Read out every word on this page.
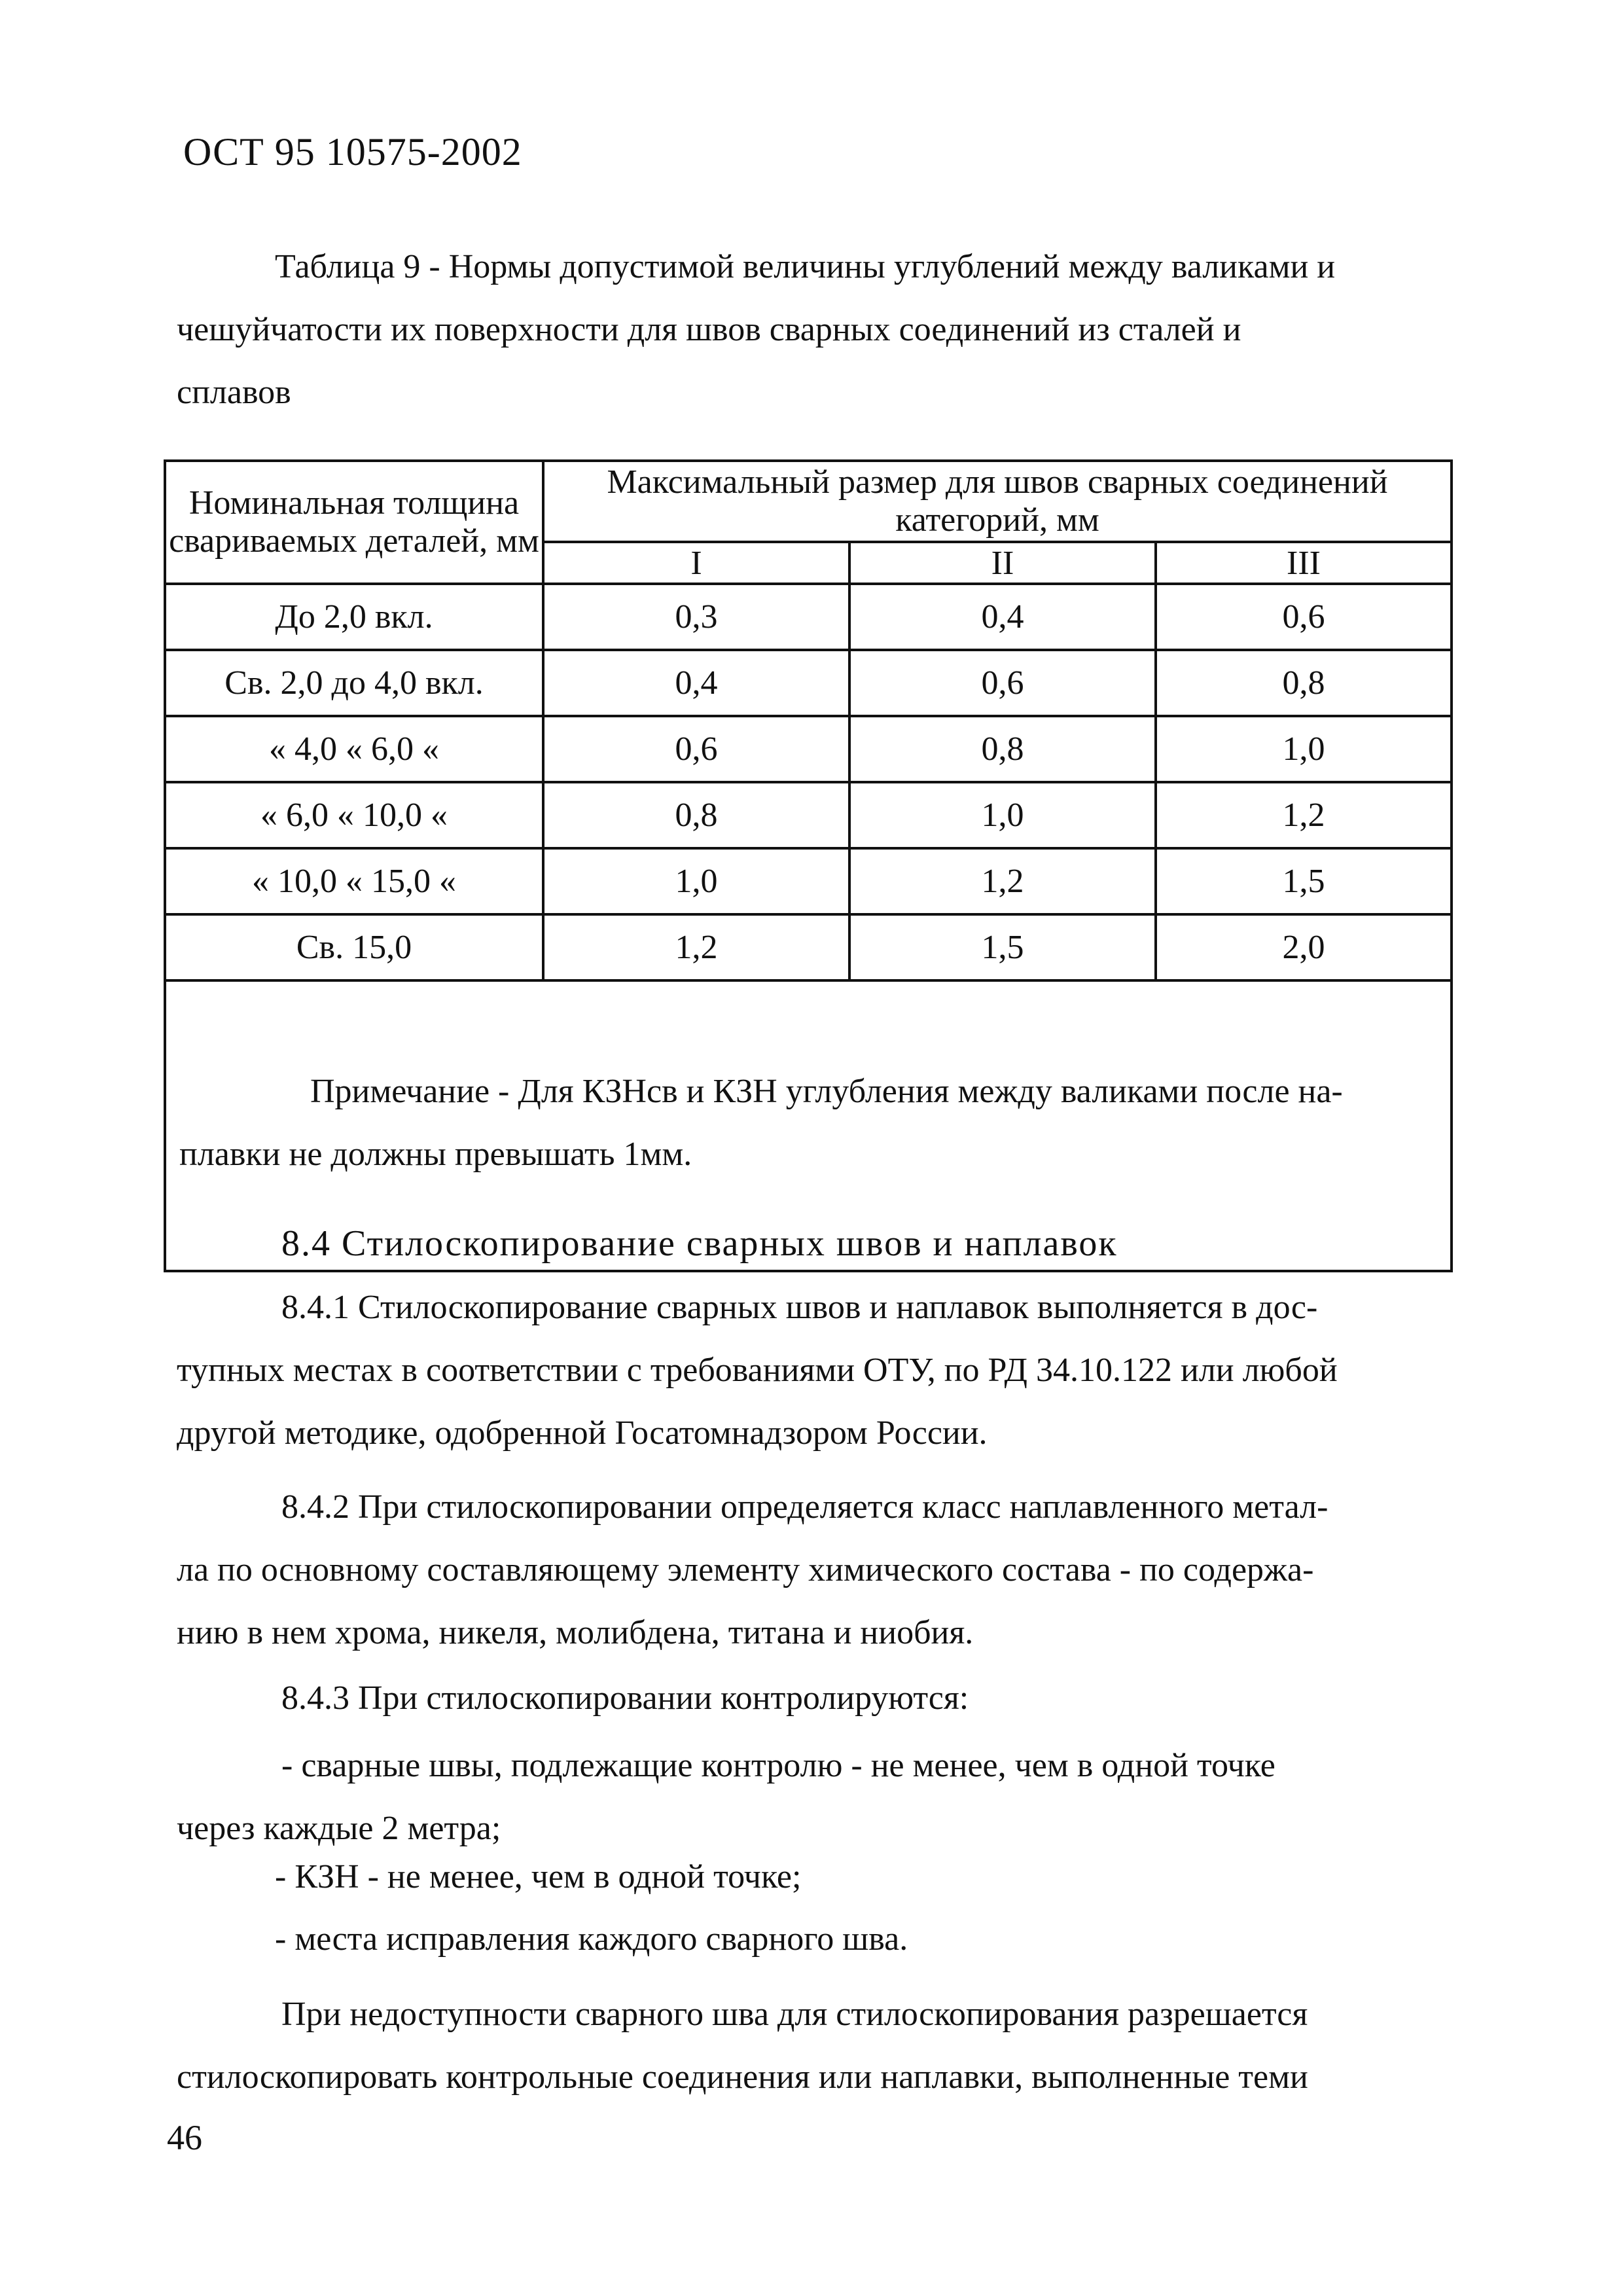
ОСТ 95 10575-2002
Таблица 9 - Нормы допустимой величины углублений между валиками и
чешуйчатости их поверхности для швов сварных соединений из сталей и
сплавов
Номинальная толщина свариваемых деталей, мм	Максимальный размер для швов сварных соединений категорий, мм		
	I	II	III
До 2,0 вкл.	0,3	0,4	0,6
Св. 2,0 до 4,0 вкл.	0,4	0,6	0,8
« 4,0 « 6,0 «	0,6	0,8	1,0
« 6,0 « 10,0 «	0,8	1,0	1,2
« 10,0 « 15,0 «	1,0	1,2	1,5
Св. 15,0	1,2	1,5	2,0

Примечание - Для КЗНсв и КЗН углубления между валиками после на-
плавки не должны превышать 1мм.			
8.4 Стилоскопирование сварных швов и наплавок
8.4.1 Стилоскопирование сварных швов и наплавок выполняется в дос-
тупных местах в соответствии с требованиями ОТУ, по РД 34.10.122 или любой
другой методике, одобренной Госатомнадзором России.
8.4.2 При стилоскопировании определяется класс наплавленного метал-
ла по основному составляющему элементу химического состава - по содержа-
нию в нем хрома, никеля, молибдена, титана и ниобия.
8.4.3 При стилоскопировании контролируются:
- сварные швы, подлежащие контролю - не менее, чем в одной точке
через каждые 2 метра;
- КЗН - не менее, чем в одной точке;
- места исправления каждого сварного шва.
При недоступности сварного шва для стилоскопирования разрешается
стилоскопировать контрольные соединения или наплавки, выполненные теми
46
